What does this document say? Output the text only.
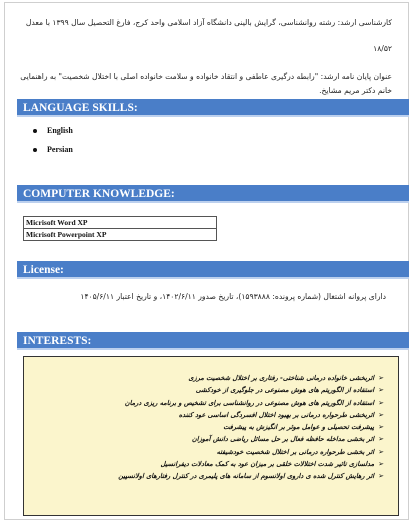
کارشناسی ارشد: رشته روانشناسی، گرایش بالینی دانشگاه آزاد اسلامی واحد کرج، فارغ التحصیل سال ۱۳۹۹ با معدل
۱۸/۵۲
عنوان پایان نامه ارشد: "رابطه درگیری عاطفی و انتقاد خانواده و سلامت خانواده اصلی با اختلال شخصیت" به راهنمایی
خانم دکتر مریم مشایخ.
LANGUAGE SKILLS:
English
Persian
COMPUTER KNOWLEDGE:
Micrisoft Word XP
Micrisoft Powerpoint XP
License:
دارای پروانه اشتغال (شماره پرونده: ۱۵۹۳۸۸۸)، تاریخ صدور ۱۴۰۲/۶/۱۱، و تاریخ اعتبار ۱۴۰۵/۶/۱۱
INTERESTS:
➢اثربخشی خانواده درمانی شناختی- رفتاری بر اختلال شخصیت مرزی
➢استفاده از الگوریتم های هوش مصنوعی در جلوگیری از خودکشی
➢استفاده از الگوریتم های هوش مصنوعی در روانشناسی برای تشخیص و برنامه ریزی درمان
➢اثربخشی طرحواره درمانی بر بهبود اختلال افسردگی اساسی عود کننده
➢پیشرفت تحصیلی و عوامل موثر بر انگیزش به پیشرفت
➢اثر بخشی مداخله حافظه فعال بر حل مسائل ریاضی دانش آموزان
➢اثر بخشی طرحواره درمانی بر اختلال شخصیت خودشیفته
➢مدلسازی تاثیر شدت اختلالات خلقی بر میزان عود به کمک معادلات دیفرانسیل
➢اثر رهایش کنترل شده ی داروی اولانسوم از سامانه های پلیمری در کنترل رفتارهای اولانسپین
